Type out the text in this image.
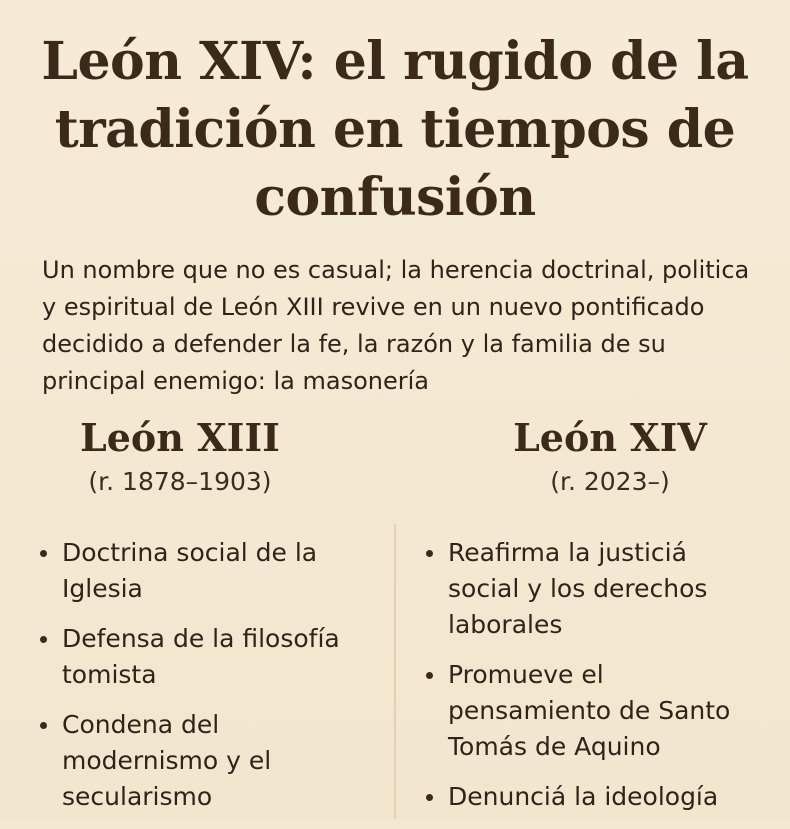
León XIV: el rugido de la tradición en tiempos de confusión

Un nombre que no es casual; la herencia doctrinal, politica y espiritual de León XIII revive en un nuevo pontificado decidido a defender la fe, la razón y la familia de su principal enemigo: la masonería

León XIII
(r. 1878–1903)
León XIV
(r. 2023–)
Doctrina social de la Iglesia
Defensa de la filosofía tomista
Condena del modernismo y el secularismo
Reafirma la justiciá social y los derechos laborales
Promueve el pensamiento de Santo Tomás de Aquino
Denunciá la ideología
